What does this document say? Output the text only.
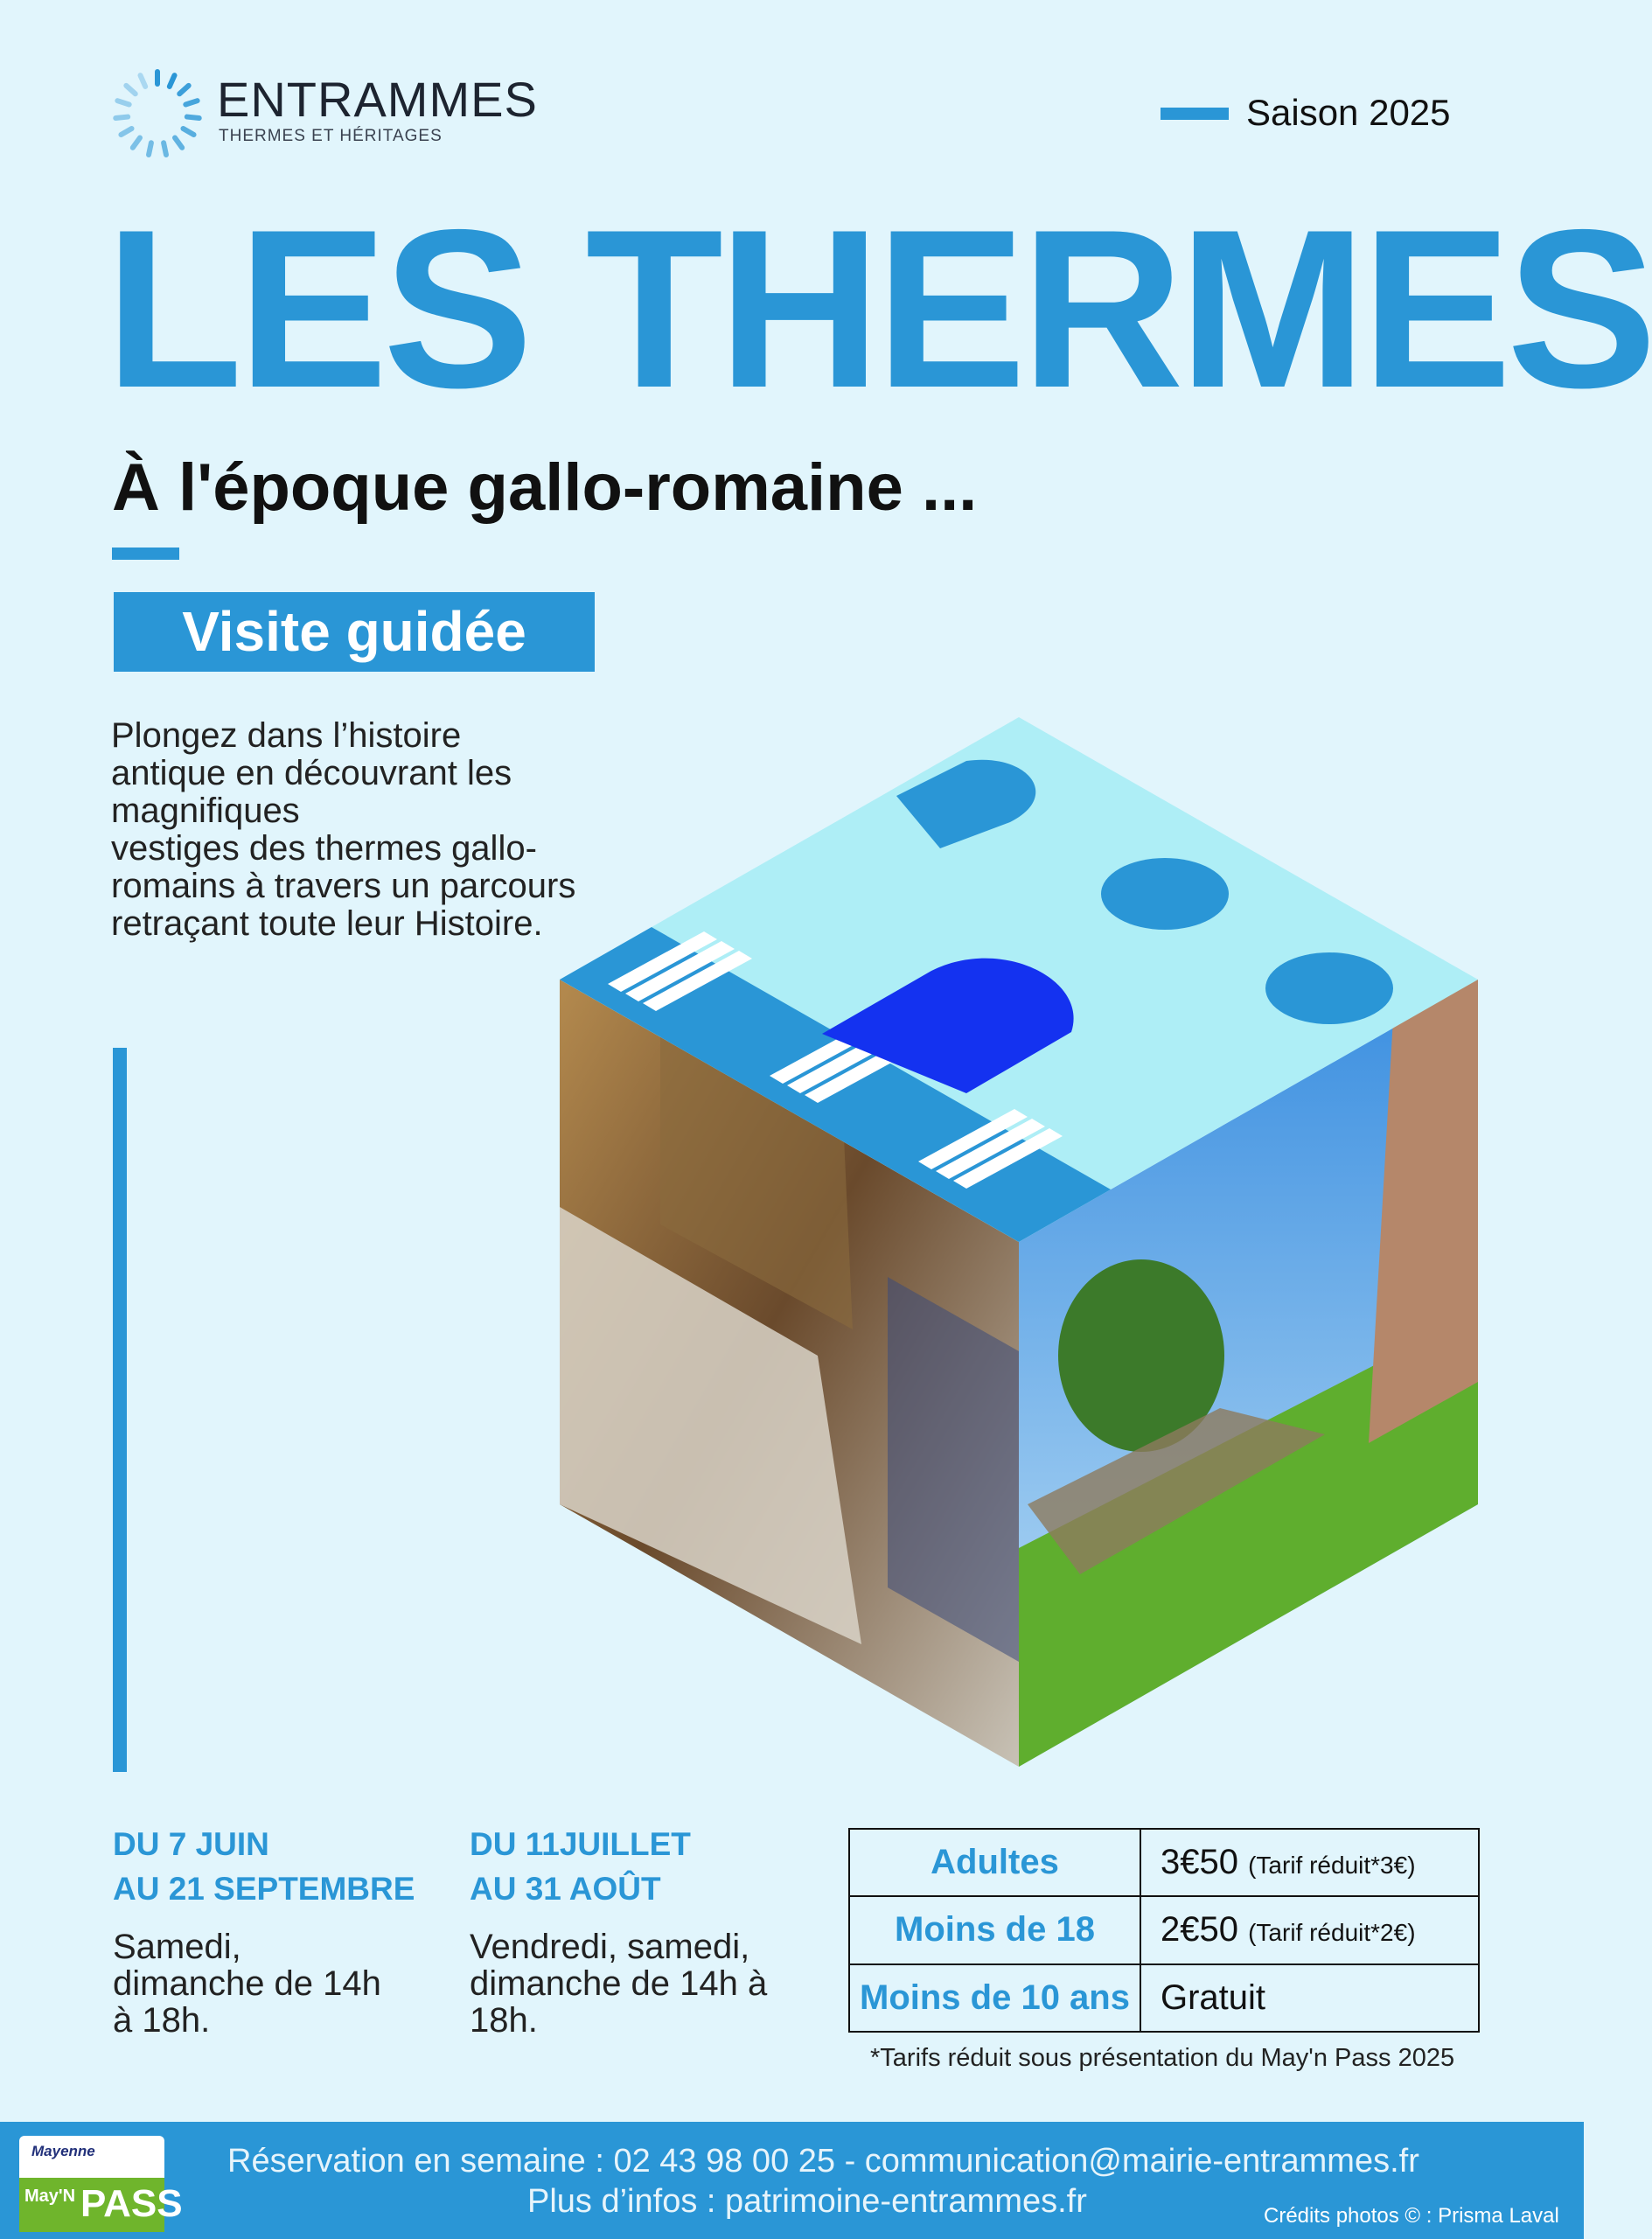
ENTRAMMES
THERMES ET HÉRITAGES
Saison 2025
LES THERMES
À l'époque gallo-romaine ...
Visite guidée

Plongez dans l’histoire antique en découvrant les magnifiques

vestiges des thermes gallo-romains à travers un parcours retraçant toute leur Histoire.

DU 7 JUIN
AU 21 SEPTEMBRE
Samedi, dimanche de 14h à 18h.
DU 11JUILLET
AU 31 AOÛT
Vendredi, samedi, dimanche de 14h à 18h.
Adultes	3€50 (Tarif réduit*3€)
Moins de 18	2€50 (Tarif réduit*2€)
Moins de 10 ans	Gratuit
*Tarifs réduit sous présentation du May'n Pass 2025
Mayenne
May'N PASS
Réservation en semaine : 02 43 98 00 25 - communication@mairie-entrammes.fr
Plus d’infos : patrimoine-entrammes.fr	Crédits photos © : Prisma Laval
